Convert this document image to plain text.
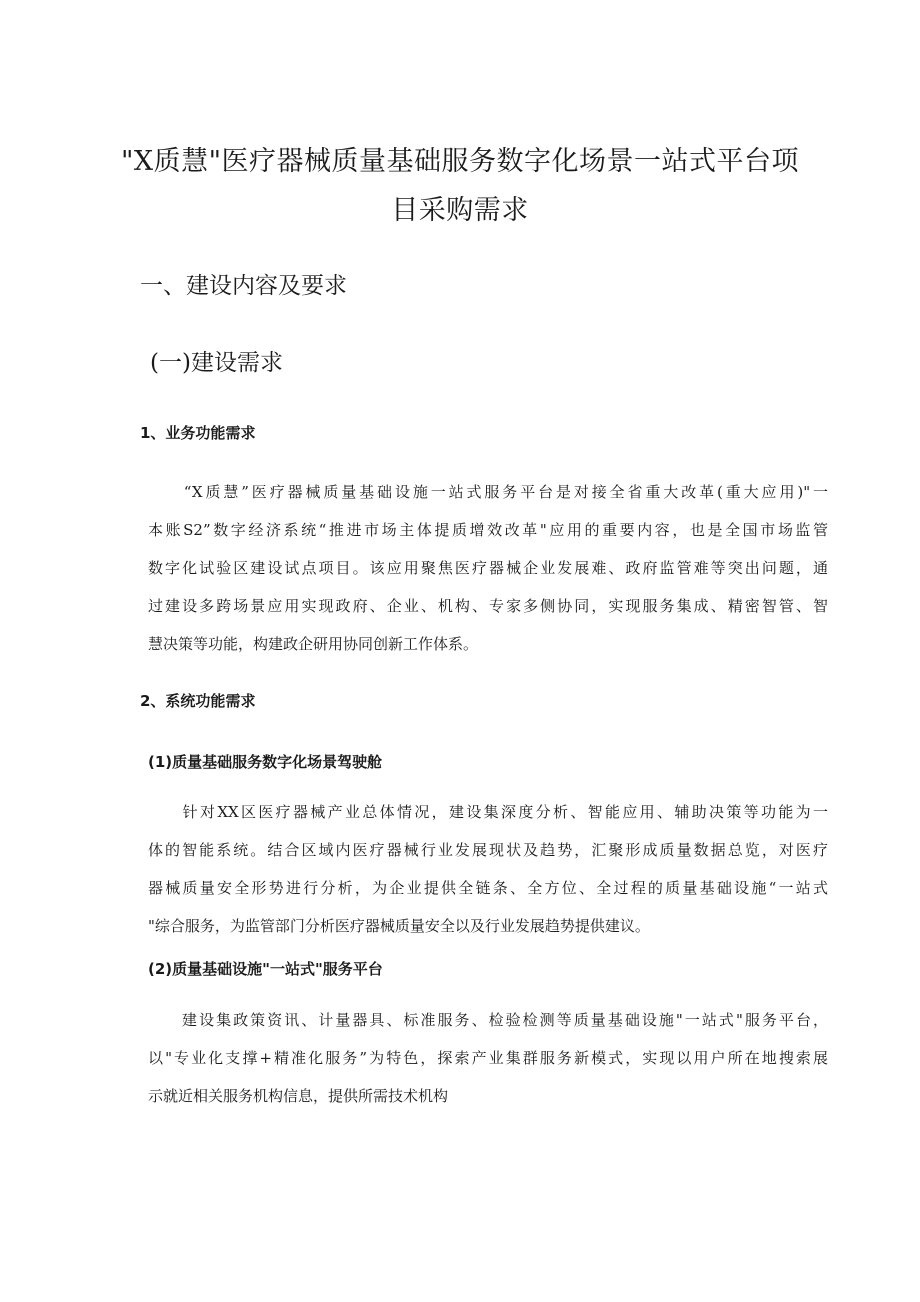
"X质慧"医疗器械质量基础服务数字化场景一站式平台项
目采购需求
一、建设内容及要求
(一)建设需求
1、业务功能需求

　　“X质慧”医疗器械质量基础设施一站式服务平台是对接全省重大改革(重大应用)"一
本账S2”数字经济系统“推进市场主体提质增效改革"应用的重要内容，也是全国市场监管
数字化试验区建设试点项目。该应用聚焦医疗器械企业发展难、政府监管难等突出问题，通
过建设多跨场景应用实现政府、企业、机构、专家多侧协同，实现服务集成、精密智管、智
慧决策等功能，构建政企研用协同创新工作体系。

2、系统功能需求
(1)质量基础服务数字化场景驾驶舱

　　针对XX区医疗器械产业总体情况，建设集深度分析、智能应用、辅助决策等功能为一
体的智能系统。结合区域内医疗器械行业发展现状及趋势，汇聚形成质量数据总览，对医疗
器械质量安全形势进行分析，为企业提供全链条、全方位、全过程的质量基础设施“一站式
"综合服务，为监管部门分析医疗器械质量安全以及行业发展趋势提供建议。

(2)质量基础设施"一站式"服务平台

　　建设集政策资讯、计量器具、标准服务、检验检测等质量基础设施"一站式"服务平台，
以"专业化支撑+精准化服务”为特色，探索产业集群服务新模式，实现以用户所在地搜索展
示就近相关服务机构信息，提供所需技术机构
